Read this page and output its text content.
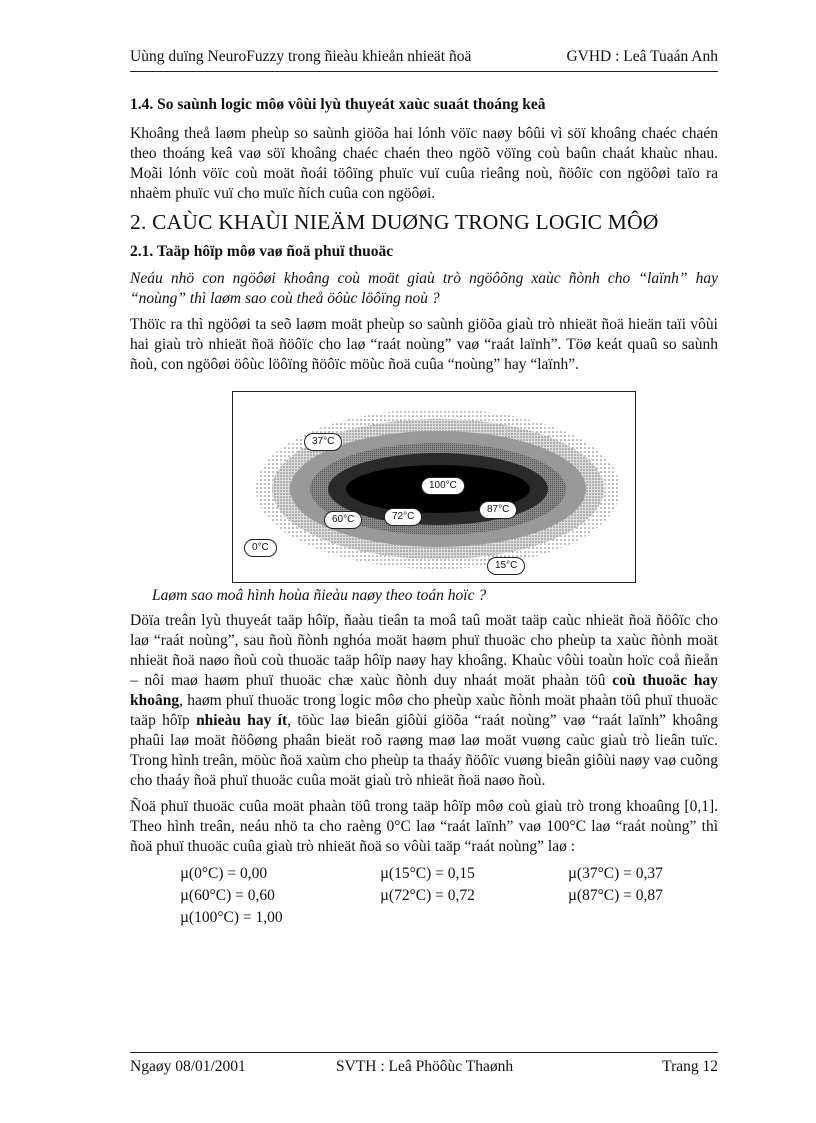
Uùng duïng NeuroFuzzy trong ñieàu khieån nhieät ñoä	GVHD : Leâ Tuaán Anh
1.4. So saùnh logic môø vôùi lyù thuyeát xaùc suaát thoáng keâ

Khoâng theå laøm pheùp so saùnh giöõa hai lónh vöïc naøy bôûi vì söï khoâng chaéc chaén theo thoáng keâ vaø söï khoâng chaéc chaén theo ngöõ vöïng coù baûn chaát khaùc nhau. Moãi lónh vöïc coù moät ñoái töôïng phuïc vuï cuûa rieâng noù, ñöôïc con ngöôøi taïo ra nhaèm phuïc vuï cho muïc ñích cuûa con ngöôøi.

2. CAÙC KHAÙI NIEÄM DUØNG TRONG LOGIC MÔØ
2.1. Taäp hôïp môø vaø ñoä phuï thuoäc

Neáu nhö con ngöôøi khoâng coù moät giaù trò ngöôõng xaùc ñònh cho “laïnh” hay “noùng” thì laøm sao coù theå öôùc löôïng noù ?

Thöïc ra thì ngöôøi ta seõ laøm moät pheùp so saùnh giöõa giaù trò nhieät ñoä hieän taïi vôùi hai giaù trò nhieät ñoä ñöôïc cho laø “raát noùng” vaø “raát laïnh”. Töø keát quaû so saùnh ñoù, con ngöôøi öôùc löôïng ñöôïc möùc ñoä cuûa “noùng” hay “laïnh”.

37°C
100°C
60°C	72°C
87°C
0°C
15°C
Laøm sao moâ hình hoùa ñieàu naøy theo toán hoïc ?

Döïa treân lyù thuyeát taäp hôïp, ñaàu tieân ta moâ taû moät taäp caùc nhieät ñoä ñöôïc cho laø “raát noùng”, sau ñoù ñònh nghóa moät haøm phuï thuoäc cho pheùp ta xaùc ñònh moät nhieät ñoä naøo ñoù coù thuoäc taäp hôïp naøy hay khoâng. Khaùc vôùi toaùn hoïc coå ñieån – nôi maø haøm phuï thuoäc chæ xaùc ñònh duy nhaát moät phaàn töû coù thuoäc hay khoâng, haøm phuï thuoäc trong logic môø cho pheùp xaùc ñònh moät phaàn töû phuï thuoäc taäp hôïp nhieàu hay ít, töùc laø bieân giôùi giöõa “raát noùng” vaø “raát laïnh” khoâng phaûi laø moät ñöôøng phaân bieät roõ raøng maø laø moät vuøng caùc giaù trò lieân tuïc. Trong hình treân, möùc ñoä xaùm cho pheùp ta thaáy ñöôïc vuøng bieân giôùi naøy vaø cuõng cho thaáy ñoä phuï thuoäc cuûa moät giaù trò nhieät ñoä naøo ñoù.

Ñoä phuï thuoäc cuûa moät phaàn töû trong taäp hôïp môø coù giaù trò trong khoaûng [0,1]. Theo hình treân, neáu nhö ta cho raèng 0°C laø “raát laïnh” vaø 100°C laø “raát noùng” thì ñoä phuï thuoäc cuûa giaù trò nhieät ñoä so vôùi taäp “raát noùng” laø :

µ(0°C) = 0,00	µ(15°C) = 0,15	µ(37°C) = 0,37
µ(60°C) = 0,60	µ(72°C) = 0,72	µ(87°C) = 0,87
µ(100°C) = 1,00
Ngaøy 08/01/2001	SVTH : Leâ Phöôùc Thaønh	Trang 12
